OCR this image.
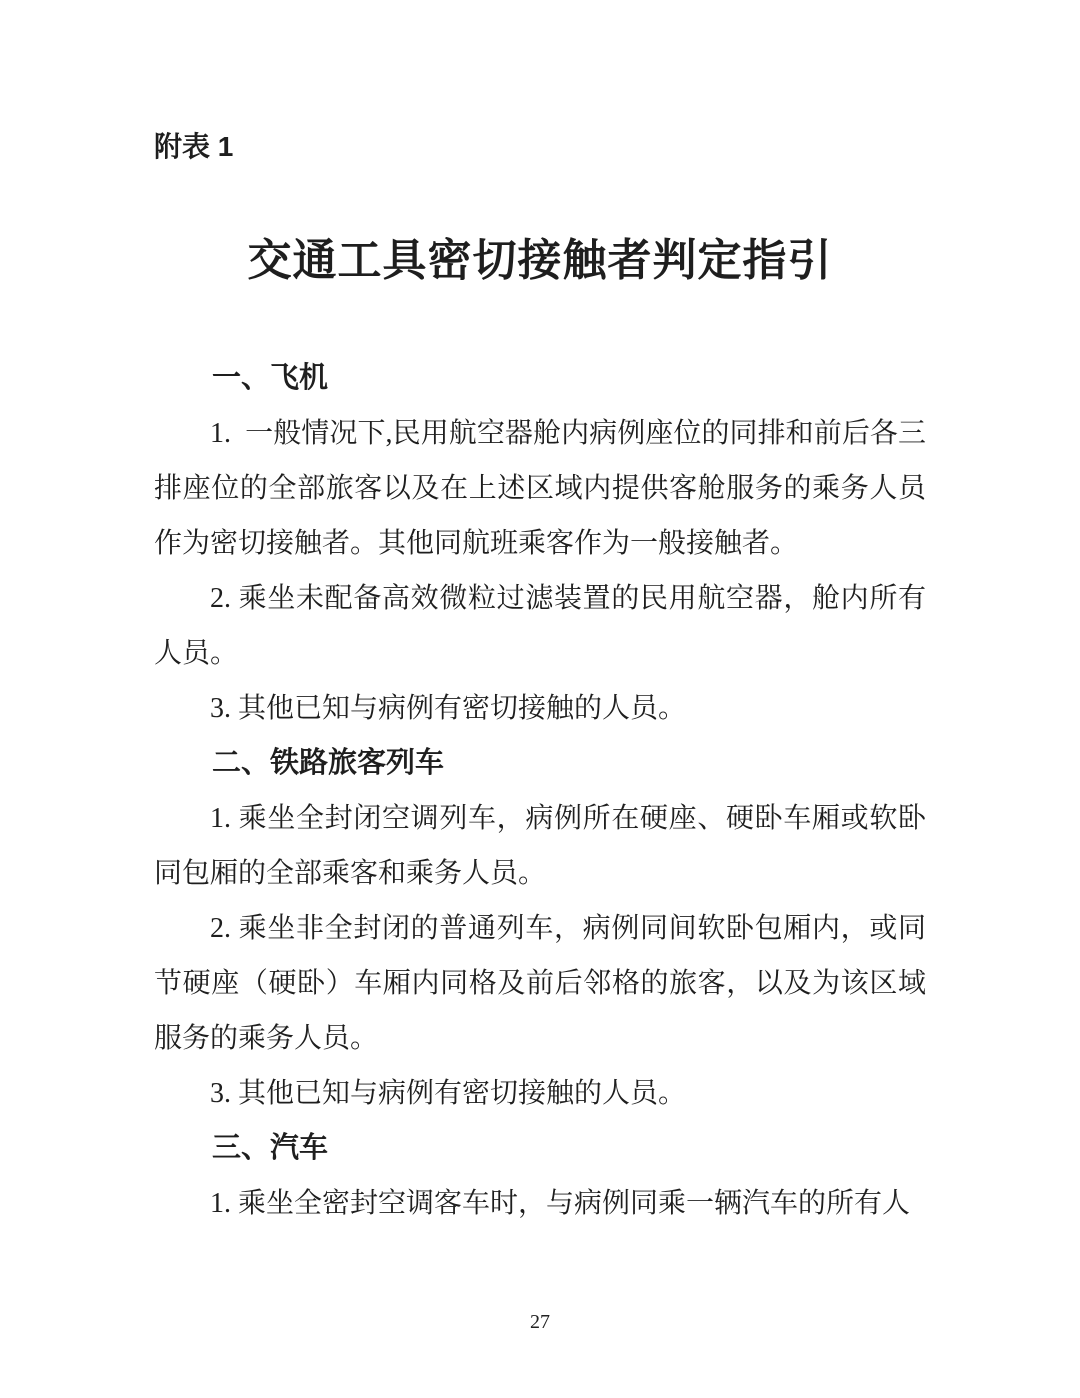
附表 1
交通工具密切接触者判定指引
一、飞机

1.  一般情况下,民用航空器舱内病例座位的同排和前后各三排座位的全部旅客以及在上述区域内提供客舱服务的乘务人员作为密切接触者。其他同航班乘客作为一般接触者。

2. 乘坐未配备高效微粒过滤装置的民用航空器，舱内所有人员。

3. 其他已知与病例有密切接触的人员。

二、铁路旅客列车

1. 乘坐全封闭空调列车，病例所在硬座、硬卧车厢或软卧同包厢的全部乘客和乘务人员。

2. 乘坐非全封闭的普通列车，病例同间软卧包厢内，或同节硬座（硬卧）车厢内同格及前后邻格的旅客，以及为该区域服务的乘务人员。

3. 其他已知与病例有密切接触的人员。

三、汽车

1. 乘坐全密封空调客车时，与病例同乘一辆汽车的所有人

27
